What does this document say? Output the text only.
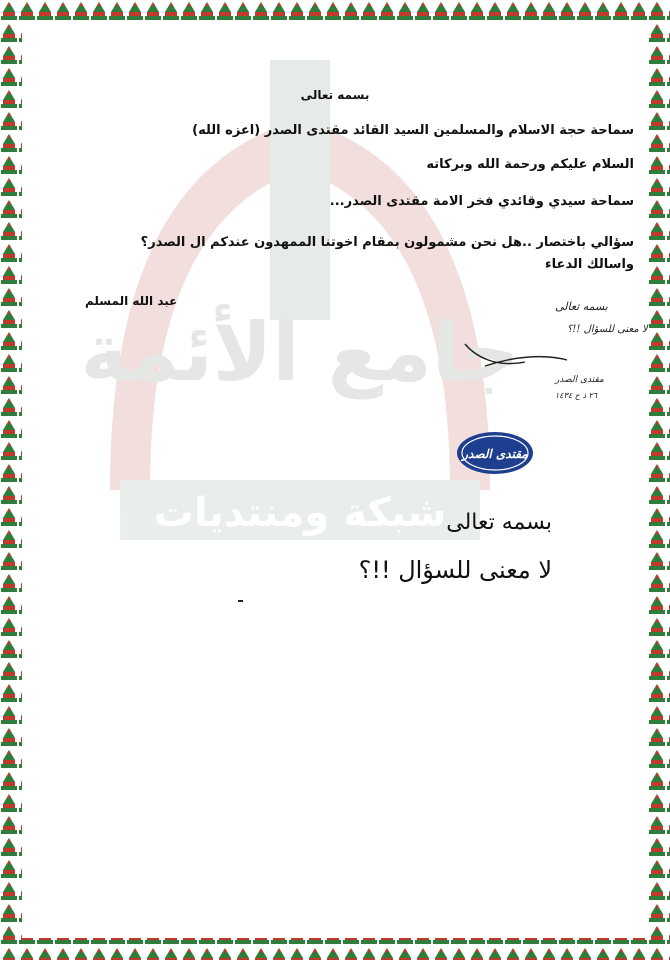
جامع الأئمة
شبكة ومنتديات
بسمه تعالى
سماحة حجة الاسلام والمسلمين السيد القائد مقتدى الصدر (اعزه الله)
السلام عليكم ورحمة الله وبركاته
سماحة سيدي وقائدي فخر الامة مقتدى الصدر...
سؤالي باختصار ..هل نحن مشمولون بمقام اخوتنا الممهدون عندكم ال الصدر؟
واسالك الدعاء
عبد الله المسلم	بسمه تعالى
لا معنى للسؤال !!؟
مقتدى الصدر
٢٦ ذ ح ١٤٣٤
مقتدى الصدر
بسمه تعالى
لا معنى للسؤال !!؟
